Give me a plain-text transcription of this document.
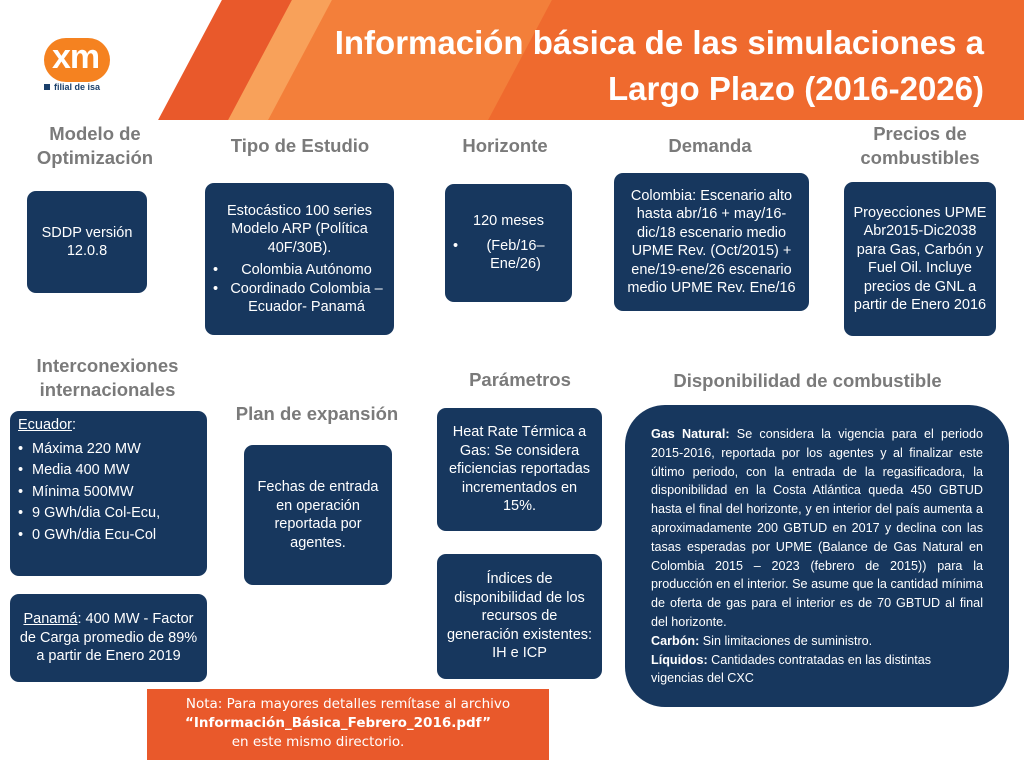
Información básica de las simulaciones a
Largo Plazo (2016-2026)
xm
filial de isa
Modelo de Optimización
SDDP versión 12.0.8
Tipo de Estudio
Estocástico 100 series Modelo ARP (Política 40F/30B).
• Colombia Autónomo
• Coordinado Colombia – Ecuador- Panamá
Horizonte
120 meses
• (Feb/16– Ene/26)
Demanda
Colombia: Escenario alto hasta abr/16 + may/16-dic/18 escenario medio UPME Rev. (Oct/2015) + ene/19-ene/26 escenario medio UPME Rev. Ene/16
Precios de combustibles
Proyecciones UPME Abr2015-Dic2038 para Gas, Carbón y Fuel Oil. Incluye precios de GNL a partir de Enero 2016
Interconexiones internacionales
Ecuador:
• Máxima 220 MW
• Media 400 MW
• Mínima 500MW
• 9 GWh/dia Col-Ecu,
• 0 GWh/dia Ecu-Col
Panamá: 400 MW - Factor de Carga promedio de 89% a partir de Enero 2019
Plan de expansión
Fechas de entrada en operación reportada por agentes.
Parámetros
Heat Rate Térmica a Gas: Se considera eficiencias reportadas incrementados en 15%.
Índices de disponibilidad de los recursos de generación existentes: IH e ICP
Disponibilidad de combustible

Gas Natural: Se considera la vigencia para el periodo 2015-2016, reportada por los agentes y al finalizar este último periodo, con la entrada de la regasificadora, la disponibilidad en la Costa Atlántica queda 450 GBTUD hasta el final del horizonte, y en interior del país aumenta a aproximadamente 200 GBTUD en 2017 y declina con las tasas esperadas por UPME (Balance de Gas Natural en Colombia 2015 – 2023 (febrero de 2015)) para la producción en el interior. Se asume que la cantidad mínima de oferta de gas para el interior es de 70 GBTUD al final del horizonte.

Carbón: Sin limitaciones de suministro.

Líquidos: Cantidades contratadas en las distintas vigencias del CXC

Nota: Para mayores detalles remítase al archivo
“Información_Básica_Febrero_2016.pdf”
en este mismo directorio.
